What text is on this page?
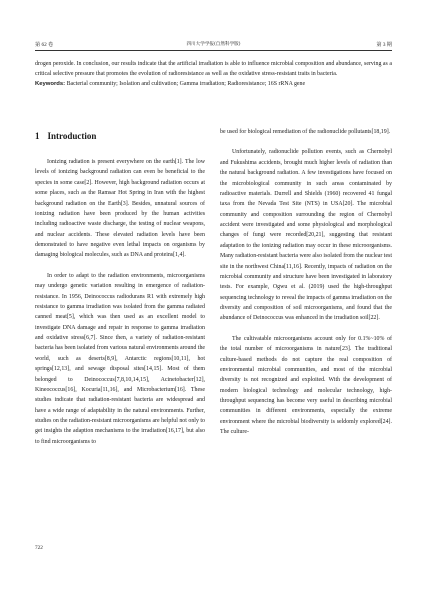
第 62 卷	四川大学学报(自然科学版)	第 3 期

drogen peroxide. In conclusion, our results indicate that the artificial irradiation is able to influence microbial composition and abundance, serving as a critical selective pressure that promotes the evolution of radioresistance as well as the oxidative stress-resistant traits in bacteria.

Keywords: Bacterial community; Isolation and cultivation; Gamma irradiation; Radioresistance; 16S rRNA gene

1 Introduction

Ionizing radiation is present everywhere on the earth[1]. The low levels of ionizing background radiation can even be beneficial to the species in some case[2]. However, high background radiation occurs at some places, such as the Ramsar Hot Spring in Iran with the highest background radiation on the Earth[3]. Besides, unnatural sources of ionizing radiation have been produced by the human activities including radioactive waste discharge, the testing of nuclear weapons, and nuclear accidents. These elevated radiation levels have been demonstrated to have negative even lethal impacts on organisms by damaging biological molecules, such as DNA and proteins[1,4].

In order to adapt to the radiation environments, microorganisms may undergo genetic variation resulting in emergence of radiation-resistance. In 1956, Deinococcus radiodurans R1 with extremely high resistance to gamma irradiation was isolated from the gamma radiated canned meat[5], which was then used as an excellent model to investigate DNA damage and repair in response to gamma irradiation and oxidative stress[6,7]. Since then, a variety of radiation-resistant bacteria has been isolated from various natural environments around the world, such as deserts[8,9], Antarctic regions[10,11], hot springs[12,13], and sewage disposal sites[14,15]. Most of them belonged to Deinococcus[7,8,10,14,15], Acinetobacter[12], Kineococcus[16], Kocuria[11,16], and Microbacterium[16]. These studies indicate that radiation-resistant bacteria are widespread and have a wide range of adaptability in the natural environments. Further, studies on the radiation-resistant microorganisms are helpful not only to get insights the adaption mechanisms to the irradiation[16,17], but also to find microorganisms to

be used for biological remediation of the radionuclide pollutants[18,19].

Unfortunately, radionuclide pollution events, such as Chernobyl and Fukushima accidents, brought much higher levels of radiation than the natural background radiation. A few investigations have focused on the microbiological community in such areas contaminated by radioactive materials. Durrell and Shields (1960) recovered 41 fungal taxa from the Nevada Test Site (NTS) in USA[20]. The microbial community and composition surrounding the region of Chernobyl accident were investigated and some physiological and morphological changes of fungi were recorded[20,21], suggesting that resistant adaptation to the ionizing radiation may occur in these microorganisms. Many radiation-resistant bacteria were also isolated from the nuclear test site in the northwest China[11,16]. Recently, impacts of radiation on the microbial community and structure have been investigated in laboratory tests. For example, Ogwu et al. (2019) used the high-throughput sequencing technology to reveal the impacts of gamma irradiation on the diversity and composition of soil microorganisms, and found that the abundance of Deinococcus was enhanced in the irradiation soil[22].

The cultivatable microorganisms account only for 0.1%~10% of the total number of microorganisms in nature[23]. The traditional culture-based methods do not capture the real composition of environmental microbial communities, and most of the microbial diversity is not recognized and exploited. With the development of modern biological technology and molecular technology, high-throughput sequencing has become very useful in describing microbial communities in different environments, especially the extreme environment where the microbial biodiversity is seldomly explored[24]. The culture-

722
